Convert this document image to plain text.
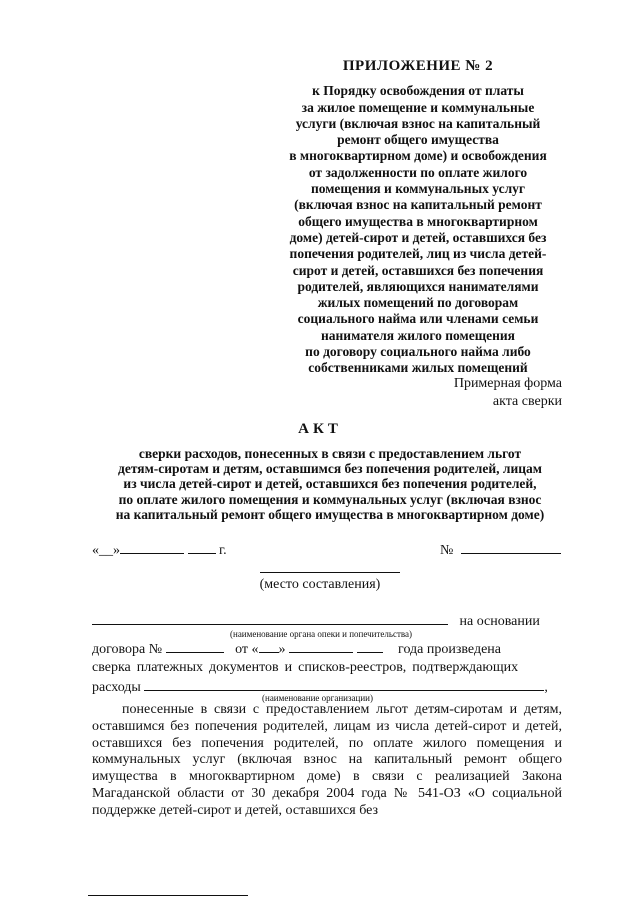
ПРИЛОЖЕНИЕ № 2
к Порядку освобождения от платы
за жилое помещение и коммунальные
услуги (включая взнос на капитальный
ремонт общего имущества
в многоквартирном доме) и освобождения
от задолженности по оплате жилого
помещения и коммунальных услуг
(включая взнос на капитальный ремонт
общего имущества в многоквартирном
доме) детей-сирот и детей, оставшихся без
попечения родителей, лиц из числа детей-
сирот и детей, оставшихся без попечения
родителей, являющихся нанимателями
жилых помещений по договорам
социального найма или членами семьи
нанимателя жилого помещения
по договору социального найма либо
собственниками жилых помещений
Примерная форма
акта сверки
АКТ
сверки расходов, понесенных в связи с предоставлением льгот
детям-сиротам и детям, оставшимся без попечения родителей, лицам
из числа детей-сирот и детей, оставшихся без попечения родителей,
по оплате жилого помещения и коммунальных услуг (включая взнос
на капитальный ремонт общего имущества в многоквартирном доме)
«__»	г.	№
(место составления)
на основании
(наименование органа опеки и попечительства)
договора №	от « »	года произведена
сверка платежных документов и списков-реестров, подтверждающих
расходы	,
(наименование организации)
понесенные в связи с предоставлением льгот детям-сиротам и детям, оставшимся без попечения родителей, лицам из числа детей-сирот и детей, оставшихся без попечения родителей, по оплате жилого помещения и коммунальных услуг (включая взнос на капитальный ремонт общего имущества в многоквартирном доме) в связи с реализацией Закона Магаданской области от 30 декабря 2004 года № 541-ОЗ «О социальной поддержке детей-сирот и детей, оставшихся без
